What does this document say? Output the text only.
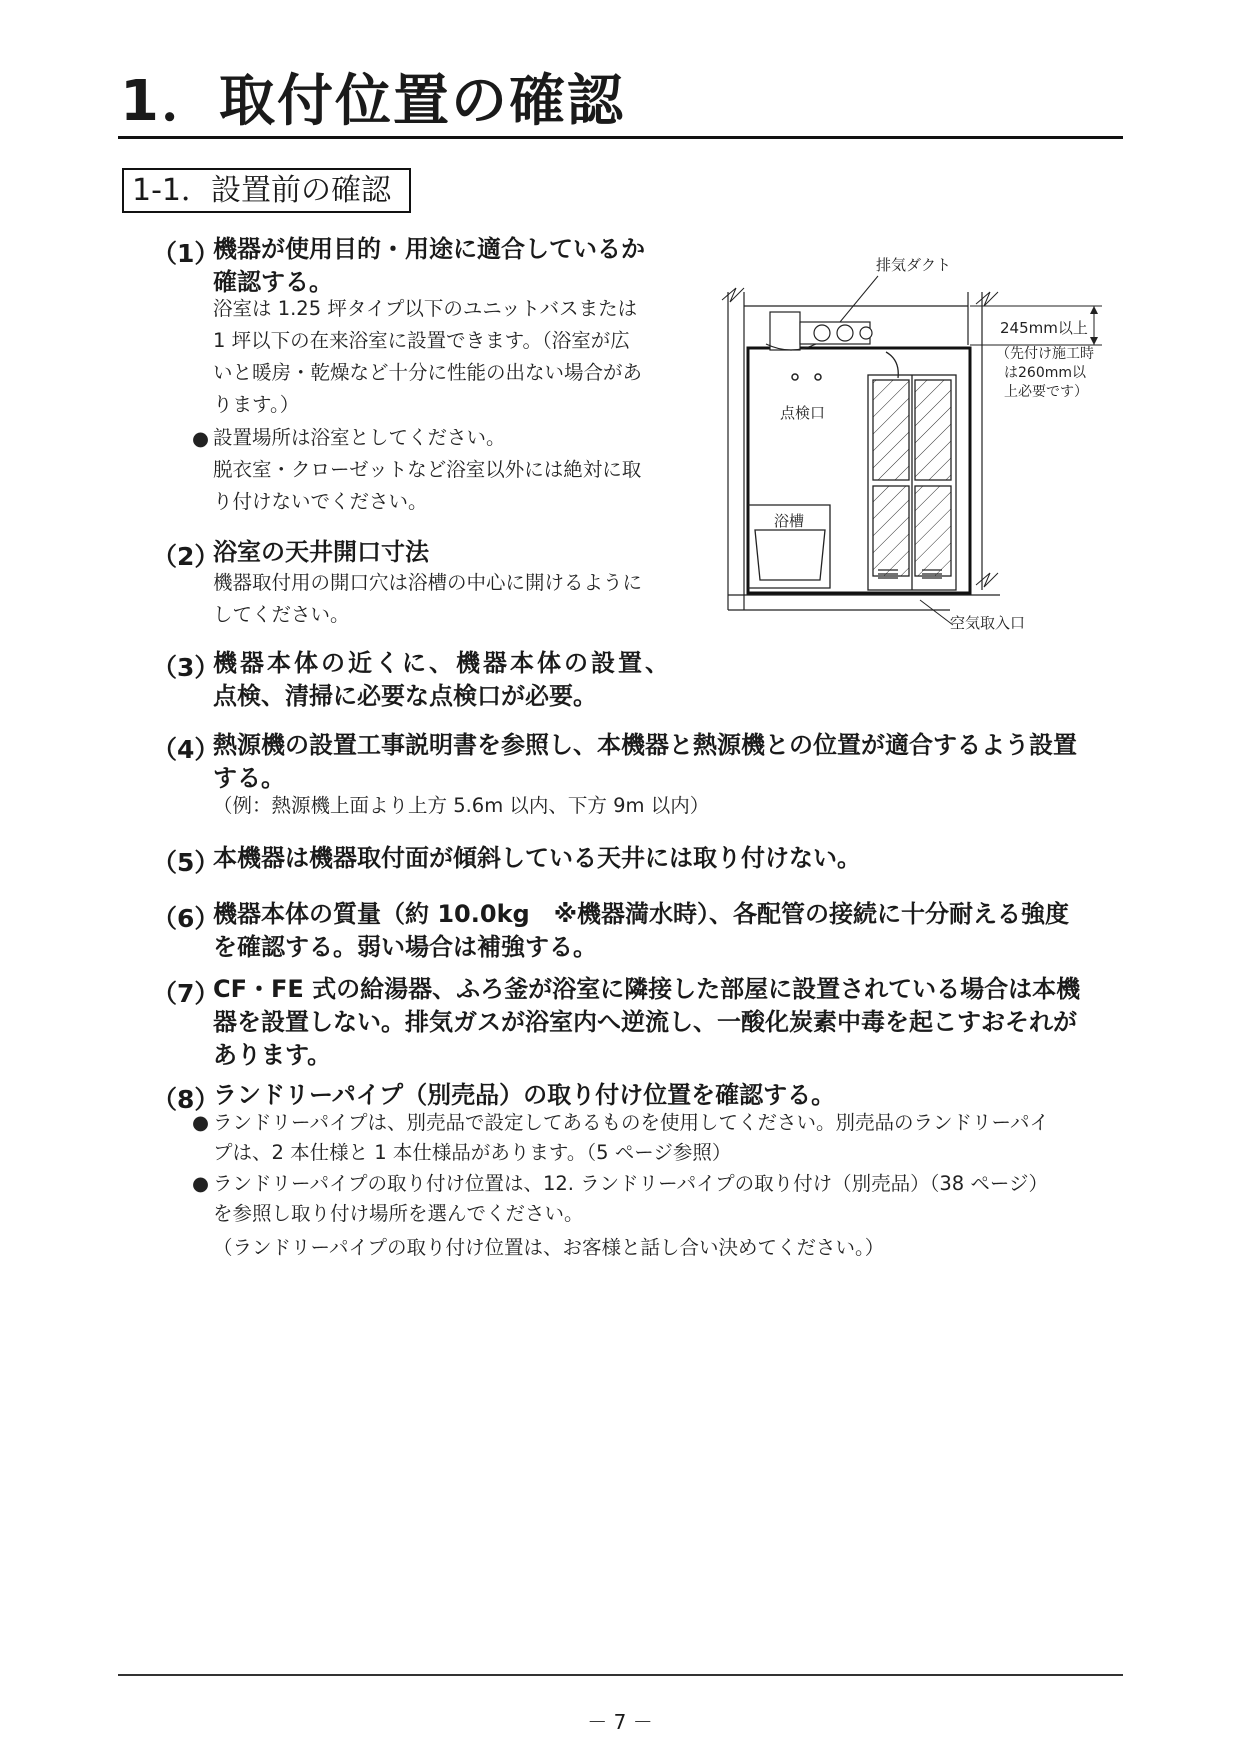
1．取付位置の確認
1-1．設置前の確認
（1）
機器が使用目的・用途に適合しているか
確認する。
浴室は 1.25 坪タイプ以下のユニットバスまたは
1 坪以下の在来浴室に設置できます。（浴室が広
いと暖房・乾燥など十分に性能の出ない場合があ
ります。）
● 設置場所は浴室としてください。
脱衣室・クローゼットなど浴室以外には絶対に取
り付けないでください。
（2）
浴室の天井開口寸法
機器取付用の開口穴は浴槽の中心に開けるように
してください。
（3）
機器本体の近くに、機器本体の設置、
点検、清掃に必要な点検口が必要。
（4）
熱源機の設置工事説明書を参照し、本機器と熱源機との位置が適合するよう設置
する。
（例：熱源機上面より上方 5.6m 以内、下方 9m 以内）
（5）
本機器は機器取付面が傾斜している天井には取り付けない。
（6）
機器本体の質量（約 10.0kg　※機器満水時）、各配管の接続に十分耐える強度
を確認する。弱い場合は補強する。
（7）
CF・FE 式の給湯器、ふろ釜が浴室に隣接した部屋に設置されている場合は本機
器を設置しない。排気ガスが浴室内へ逆流し、一酸化炭素中毒を起こすおそれが
あります。
（8）
ランドリーパイプ（別売品）の取り付け位置を確認する。
● ランドリーパイプは、別売品で設定してあるものを使用してください。別売品のランドリーパイ
プは、2 本仕様と 1 本仕様品があります。（5 ページ参照）
● ランドリーパイプの取り付け位置は、12. ランドリーパイプの取り付け（別売品）（38 ページ）
を参照し取り付け場所を選んでください。
（ランドリーパイプの取り付け位置は、お客様と話し合い決めてください。）
排気ダクト
245mm以上
（先付け施工時
は260mm以
上必要です）
点検口
浴槽
空気取入口
－ 7 －
